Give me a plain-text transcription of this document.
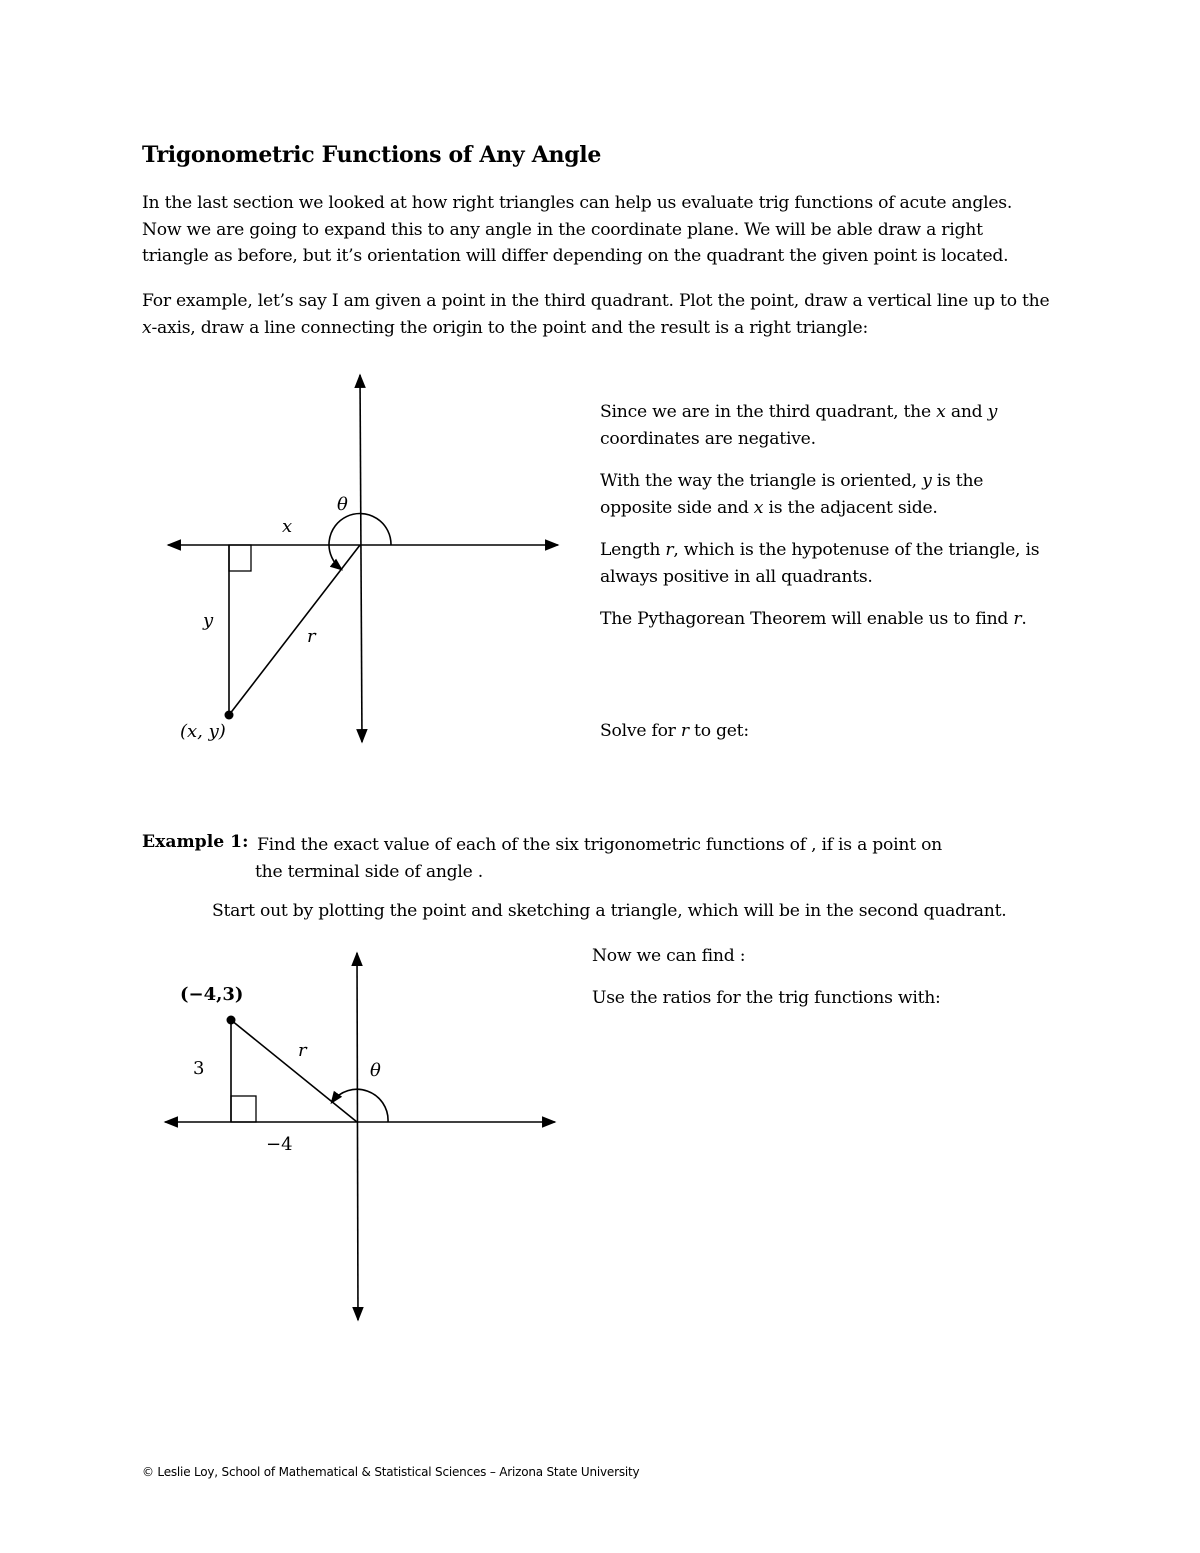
Trigonometric Functions of Any Angle

In the last section we looked at how right triangles can help us evaluate trig functions of acute angles.

Now we are going to expand this to any angle in the coordinate plane. We will be able draw a right

triangle as before, but it’s orientation will differ depending on the quadrant the given point is located.

For example, let’s say I am given a point in the third quadrant. Plot the point, draw a vertical line up to the

x-axis, draw a line connecting the origin to the point and the result is a right triangle:

θ
x
y
r
(x, y)
(−4,3)
3
−4
r
θ

Since we are in the third quadrant, the x and y

coordinates are negative.

With the way the triangle is oriented, y is the

opposite side and x is the adjacent side.

Length r, which is the hypotenuse of the triangle, is

always positive in all quadrants.

The Pythagorean Theorem will enable us to find r.

Solve for r to get:
Example 1: Find the exact value of each of the six trigonometric functions of , if is a point on
the terminal side of angle .
Start out by plotting the point and sketching a triangle, which will be in the second quadrant.
Now we can find :
Use the ratios for the trig functions with:
© Leslie Loy, School of Mathematical & Statistical Sciences – Arizona State University
